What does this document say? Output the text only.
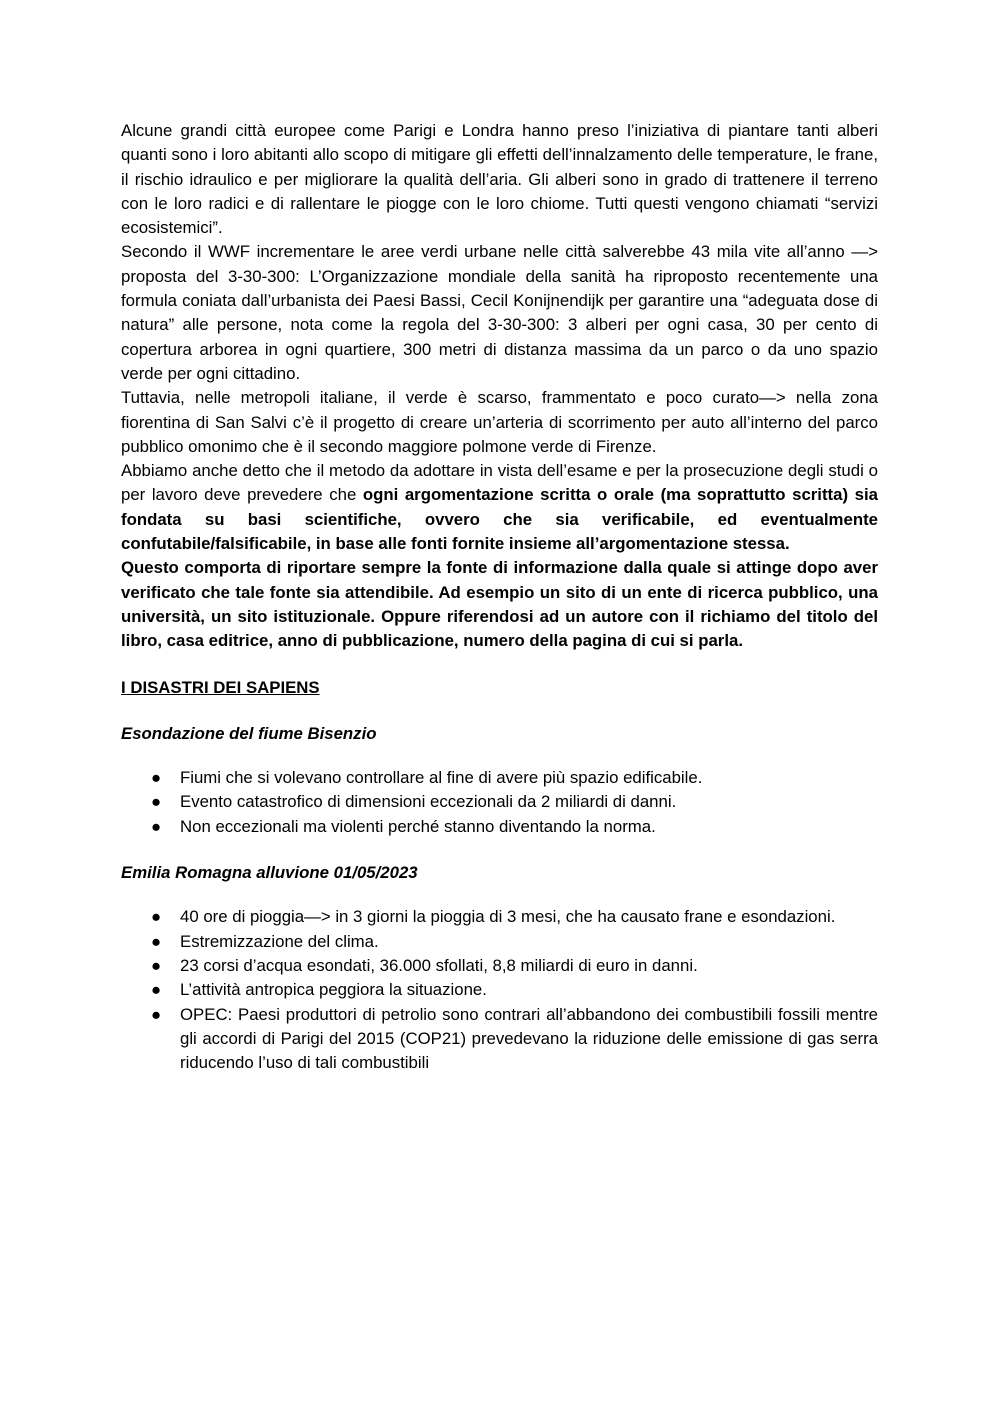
Alcune grandi città europee come Parigi e Londra hanno preso l’iniziativa di piantare tanti alberi quanti sono i loro abitanti allo scopo di mitigare gli effetti dell’innalzamento delle temperature, le frane, il rischio idraulico e per migliorare la qualità dell’aria. Gli alberi sono in grado di trattenere il terreno con le loro radici e di rallentare le piogge con le loro chiome. Tutti questi vengono chiamati “servizi ecosistemici”.

Secondo il WWF incrementare le aree verdi urbane nelle città salverebbe 43 mila vite all’anno —> proposta del 3-30-300: L’Organizzazione mondiale della sanità ha riproposto recentemente una formula coniata dall’urbanista dei Paesi Bassi, Cecil Konijnendijk per garantire una “adeguata dose di natura” alle persone, nota come la regola del 3-30-300: 3 alberi per ogni casa, 30 per cento di copertura arborea in ogni quartiere, 300 metri di distanza massima da un parco o da uno spazio verde per ogni cittadino.

Tuttavia, nelle metropoli italiane, il verde è scarso, frammentato e poco curato—> nella zona fiorentina di San Salvi c’è il progetto di creare un’arteria di scorrimento per auto all’interno del parco pubblico omonimo che è il secondo maggiore polmone verde di Firenze.

Abbiamo anche detto che il metodo da adottare in vista dell’esame e per la prosecuzione degli studi o per lavoro deve prevedere che ogni argomentazione scritta o orale (ma soprattutto scritta) sia fondata su basi scientifiche, ovvero che sia verificabile, ed eventualmente confutabile/falsificabile, in base alle fonti fornite insieme all’argomentazione stessa.

Questo comporta di riportare sempre la fonte di informazione dalla quale si attinge dopo aver verificato che tale fonte sia attendibile. Ad esempio un sito di un ente di ricerca pubblico, una università, un sito istituzionale. Oppure riferendosi ad un autore con il richiamo del titolo del libro, casa editrice, anno di pubblicazione, numero della pagina di cui si parla.

I DISASTRI DEI SAPIENS

Esondazione del fiume Bisenzio

● Fiumi che si volevano controllare al fine di avere più spazio edificabile.
● Evento catastrofico di dimensioni eccezionali da 2 miliardi di danni.
● Non eccezionali ma violenti perché stanno diventando la norma.

Emilia Romagna alluvione 01/05/2023

● 40 ore di pioggia—> in 3 giorni la pioggia di 3 mesi, che ha causato frane e esondazioni.
● Estremizzazione del clima.
● 23 corsi d’acqua esondati, 36.000 sfollati, 8,8 miliardi di euro in danni.
● L’attività antropica peggiora la situazione.
● OPEC: Paesi produttori di petrolio sono contrari all’abbandono dei combustibili fossili mentre gli accordi di Parigi del 2015 (COP21) prevedevano la riduzione delle emissione di gas serra riducendo l’uso di tali combustibili
